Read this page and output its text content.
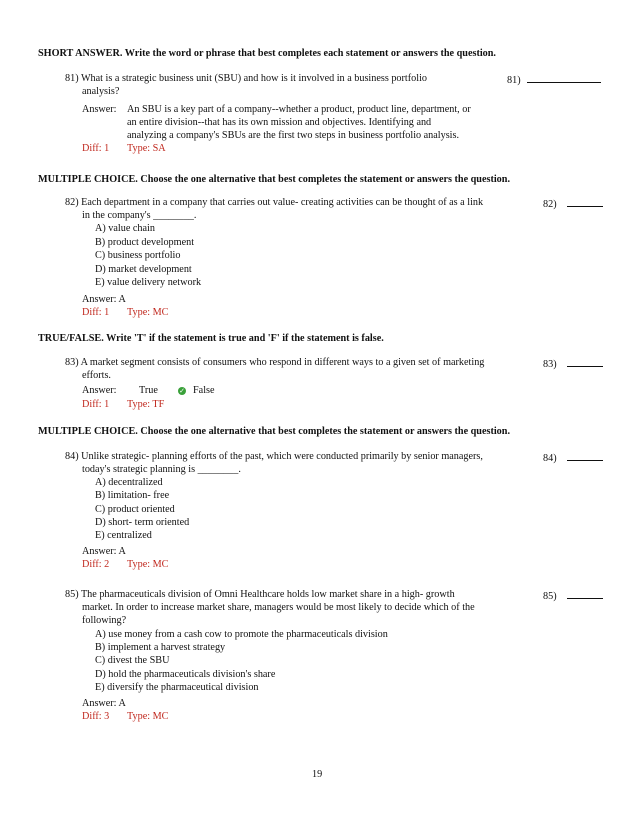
SHORT ANSWER. Write the word or phrase that best completes each statement or answers the question.
81) What is a strategic business unit (SBU) and how is it involved in a business portfolio
analysis?
81)
Answer: An SBU is a key part of a company--whether a product, product line, department, or
an entire division--that has its own mission and objectives. Identifying and
analyzing a company's SBUs are the first two steps in business portfolio analysis.
Diff: 1 Type: SA
MULTIPLE CHOICE. Choose the one alternative that best completes the statement or answers the question.
82) Each department in a company that carries out value- creating activities can be thought of as a link
in the company's ________.
82)
A) value chain
B) product development
C) business portfolio
D) market development
E) value delivery network
Answer: A
Diff: 1 Type: MC
TRUE/FALSE. Write 'T' if the statement is true and 'F' if the statement is false.
83) A market segment consists of consumers who respond in different ways to a given set of marketing
efforts.
83)
Answer: True	✓ False
Diff: 1 Type: TF
MULTIPLE CHOICE. Choose the one alternative that best completes the statement or answers the question.
84) Unlike strategic- planning efforts of the past, which were conducted primarily by senior managers,
today's strategic planning is ________.
84)
A) decentralized
B) limitation- free
C) product oriented
D) short- term oriented
E) centralized
Answer: A
Diff: 2 Type: MC
85) The pharmaceuticals division of Omni Healthcare holds low market share in a high- growth
market. In order to increase market share, managers would be most likely to decide which of the
following?
85)
A) use money from a cash cow to promote the pharmaceuticals division
B) implement a harvest strategy
C) divest the SBU
D) hold the pharmaceuticals division's share
E) diversify the pharmaceutical division
Answer: A
Diff: 3 Type: MC
19
